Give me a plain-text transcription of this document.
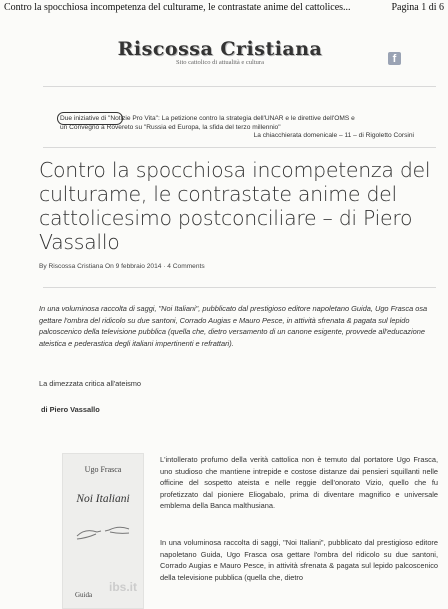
Contro la spocchiosa incompetenza del culturame, le contrastate anime del cattolices...	Pagina 1 di 6
Riscossa Cristiana
Sito cattolico di attualità e cultura	f
Due iniziative di "Notizie Pro Vita": La petizione contro la strategia dell'UNAR e le direttive dell'OMS e
un Convegno a Rovereto su "Russia ed Europa, la sfida del terzo millennio"
La chiacchierata domenicale – 11 – di Rigoletto Corsini
Contro la spocchiosa incompetenza del culturame, le contrastate anime del cattolicesimo postconciliare – di Piero Vassallo
By Riscossa Cristiana On 9 febbraio 2014 · 4 Comments

In una voluminosa raccolta di saggi, "Noi Italiani", pubblicato dal prestigioso editore napoletano Guida, Ugo Frasca osa gettare l'ombra del ridicolo su due santoni, Corrado Augias e Mauro Pesce, in attività sfrenata & pagata sul lepido palcoscenico della televisione pubblica (quella che, dietro versamento di un canone esigente, provvede all'educazione ateistica e pederastica degli italiani impertinenti e refrattari).

La dimezzata critica all'ateismo
di Piero Vassallo
Ugo Frasca
Noi Italiani
ibs.it
Guida

L'intollerato profumo della verità cattolica non è temuto dal portatore Ugo Frasca, uno studioso che mantiene intrepide e costose distanze dai pensieri squillanti nelle officine del sospetto ateista e nelle reggie dell'onorato Vizio, quello che fu profetizzato dal pioniere Eliogabalo, prima di diventare magnifico e universale emblema della Banca malthusiana.

In una voluminosa raccolta di saggi, "Noi Italiani", pubblicato dal prestigioso editore napoletano Guida, Ugo Frasca osa gettare l'ombra del ridicolo su due santoni, Corrado Augias e Mauro Pesce, in attività sfrenata & pagata sul lepido palcoscenico della televisione pubblica (quella che, dietro
